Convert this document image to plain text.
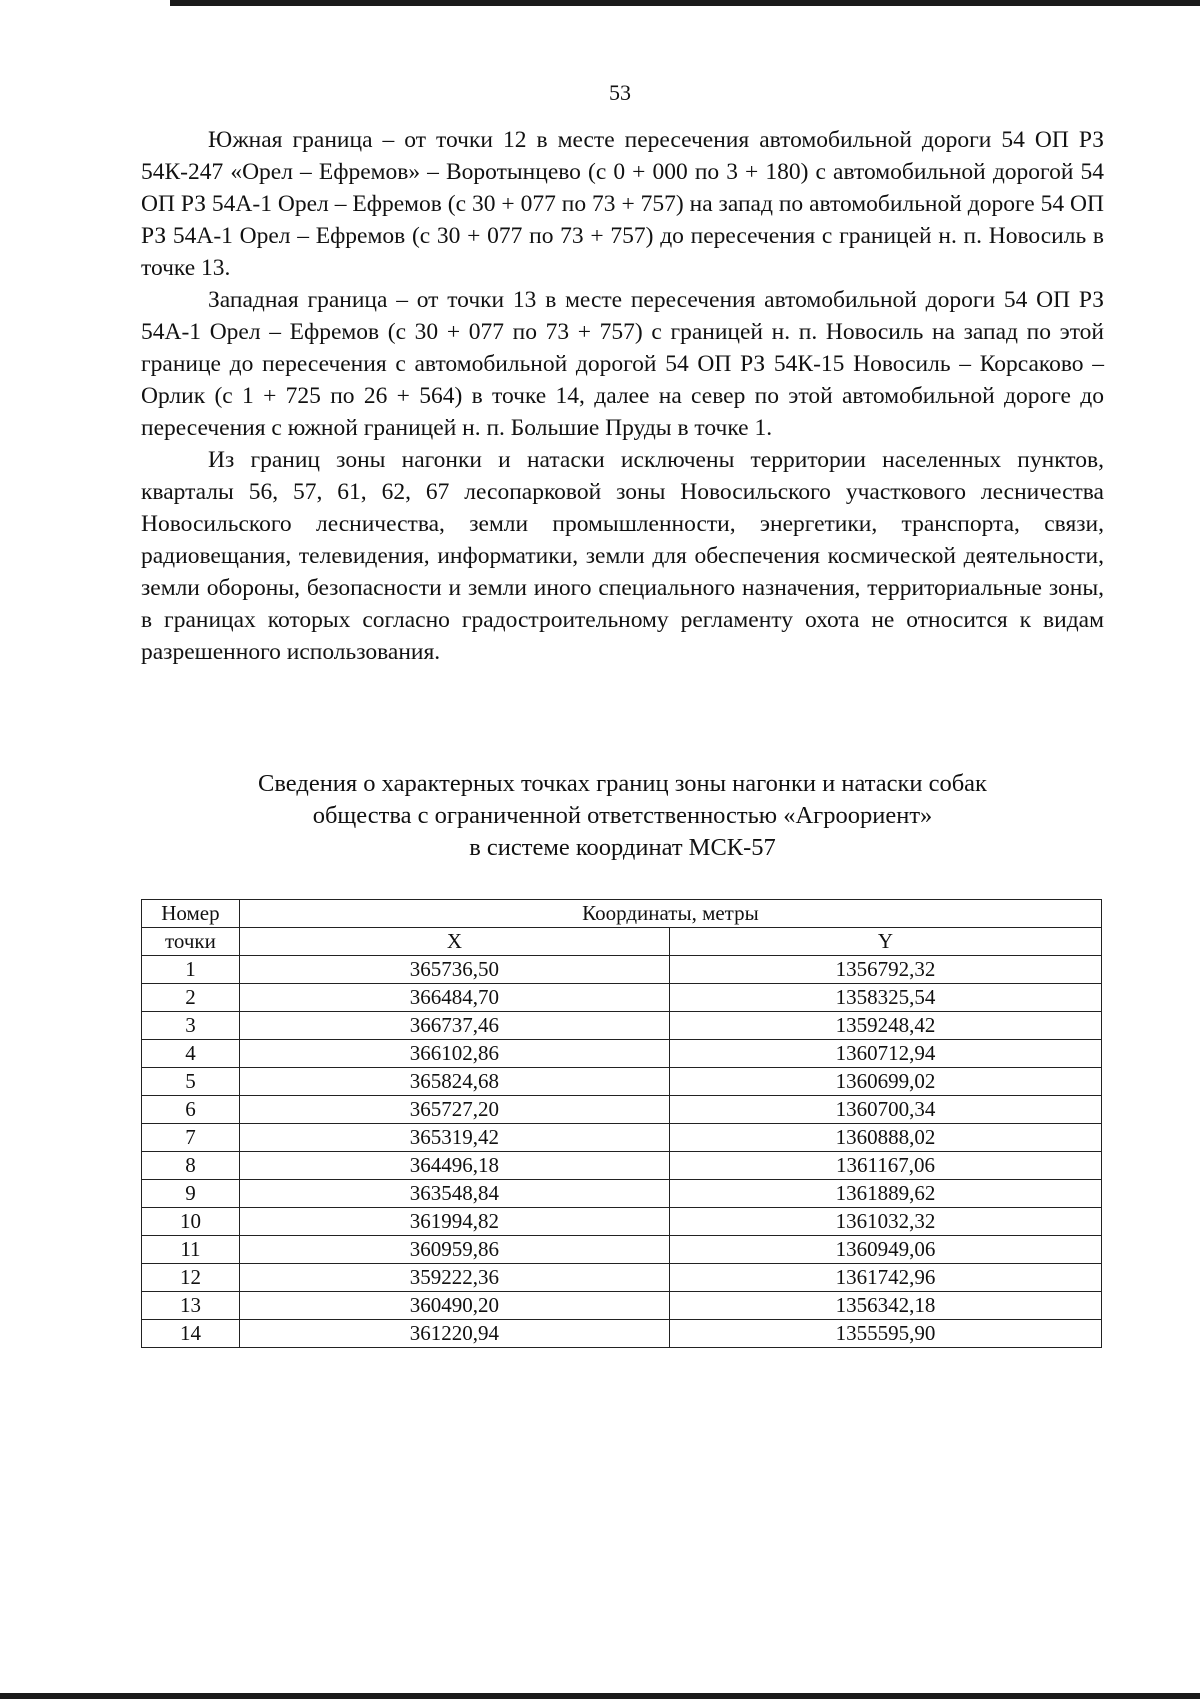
53

Южная граница – от точки 12 в месте пересечения автомобильной дороги 54 ОП РЗ 54К-247 «Орел – Ефремов» – Воротынцево (с 0 + 000 по 3 + 180) с автомобильной дорогой 54 ОП РЗ 54А-1 Орел – Ефремов (с 30 + 077 по 73 + 757) на запад по автомобильной дороге 54 ОП РЗ 54А-1 Орел – Ефремов (с 30 + 077 по 73 + 757) до пересечения с границей н. п. Новосиль в точке 13.

Западная граница – от точки 13 в месте пересечения автомобильной дороги 54 ОП РЗ 54А-1 Орел – Ефремов (с 30 + 077 по 73 + 757) с границей н. п. Новосиль на запад по этой границе до пересечения с автомобильной дорогой 54 ОП РЗ 54К-15 Новосиль – Корсаково – Орлик (с 1 + 725 по 26 + 564) в точке 14, далее на север по этой автомобильной дороге до пересечения с южной границей н. п. Большие Пруды в точке 1.

Из границ зоны нагонки и натаски исключены территории населенных пунктов, кварталы 56, 57, 61, 62, 67 лесопарковой зоны Новосильского участкового лесничества Новосильского лесничества, земли промышленности, энергетики, транспорта, связи, радиовещания, телевидения, информатики, земли для обеспечения космической деятельности, земли обороны, безопасности и земли иного специального назначения, территориальные зоны, в границах которых согласно градостроительному регламенту охота не относится к видам разрешенного использования.

Сведения о характерных точках границ зоны нагонки и натаски собак
общества с ограниченной ответственностью «Агроориент»
в системе координат МСК-57
Номер	Координаты, метры	
точки	X	Y
1	365736,50	1356792,32
2	366484,70	1358325,54
3	366737,46	1359248,42
4	366102,86	1360712,94
5	365824,68	1360699,02
6	365727,20	1360700,34
7	365319,42	1360888,02
8	364496,18	1361167,06
9	363548,84	1361889,62
10	361994,82	1361032,32
11	360959,86	1360949,06
12	359222,36	1361742,96
13	360490,20	1356342,18
14	361220,94	1355595,90
